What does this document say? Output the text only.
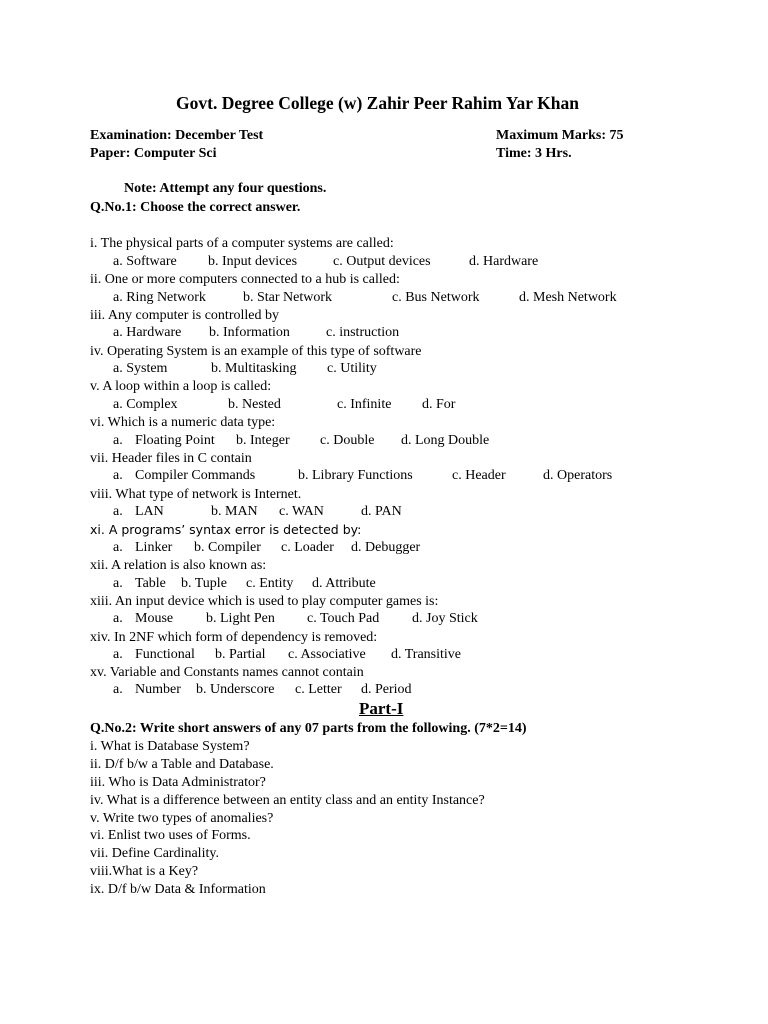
Govt. Degree College (w) Zahir Peer Rahim Yar Khan
Examination: December Test	Maximum Marks: 75
Paper: Computer Sci	Time: 3 Hrs.
Note: Attempt any four questions.
Q.No.1: Choose the correct answer.
i. The physical parts of a computer systems are called:
a. Software b. Input devices	c. Output devices	d. Hardware
ii. One or more computers connected to a hub is called:
a. Ring Network	b. Star Network	c. Bus Network	d. Mesh Network
iii. Any computer is controlled by
a. Hardware b. Information	c. instruction
iv. Operating System is an example of this type of software
a. System	b. Multitasking c. Utility
v. A loop within a loop is called:
a. Complex	b. Nested	c. Infinite d. For
vi. Which is a numeric data type:
a. Floating Point b. Integer c. Double d. Long Double
vii. Header files in C contain
a. Compiler Commands	b. Library Functions	c. Header	d. Operators
viii. What type of network is Internet.
a. LAN	b. MAN c. WAN	d. PAN
xi. A programs’ syntax error is detected by:
a. Linker b. Compiler c. Loader d. Debugger
xii. A relation is also known as:
a. Table b. Tuple c. Entity d. Attribute
xiii. An input device which is used to play computer games is:
a. Mouse b. Light Pen c. Touch Pad d. Joy Stick
xiv. In 2NF which form of dependency is removed:
a. Functional b. Partial c. Associative d. Transitive
xv. Variable and Constants names cannot contain
a. Number b. Underscore c. Letter d. Period
Part-I
Q.No.2: Write short answers of any 07 parts from the following. (7*2=14)
i. What is Database System?
ii. D/f b/w a Table and Database.
iii. Who is Data Administrator?
iv. What is a difference between an entity class and an entity Instance?
v. Write two types of anomalies?
vi. Enlist two uses of Forms.
vii. Define Cardinality.
viii.What is a Key?
ix. D/f b/w Data & Information
